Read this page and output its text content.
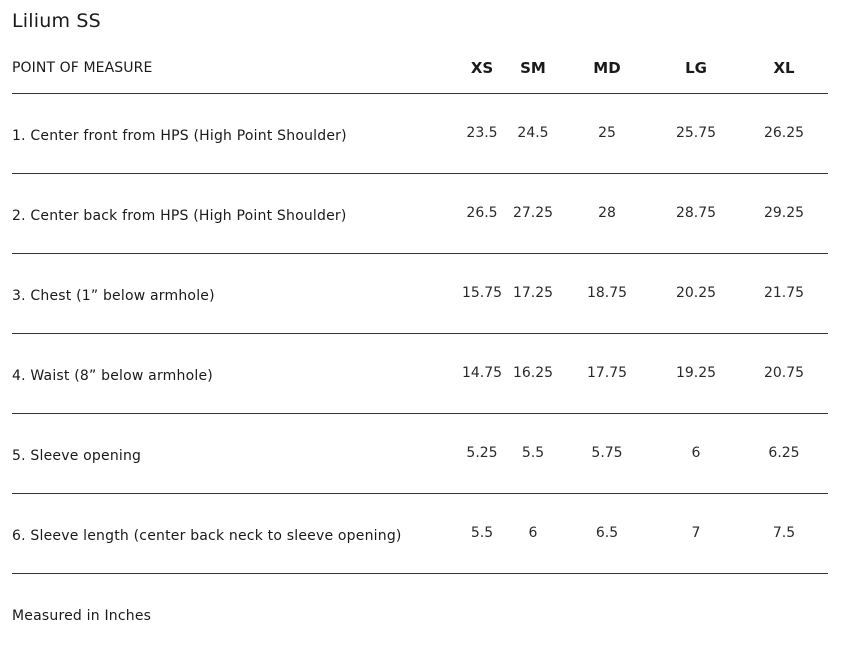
Lilium SS
POINT OF MEASURE	XS SM	MD	LG	XL
1. Center front from HPS (High Point Shoulder)	23.5 24.5	25	25.75	26.25
2. Center back from HPS (High Point Shoulder)	26.5 27.25	28	28.75	29.25
3. Chest (1” below armhole)	15.75 17.25 18.75	20.25	21.75
4. Waist (8” below armhole)	14.75 16.25 17.75	19.25	20.75
5. Sleeve opening	5.25 5.5	5.75	6	6.25
6. Sleeve length (center back neck to sleeve opening)	5.5	6	6.5	7	7.5
Measured in Inches
